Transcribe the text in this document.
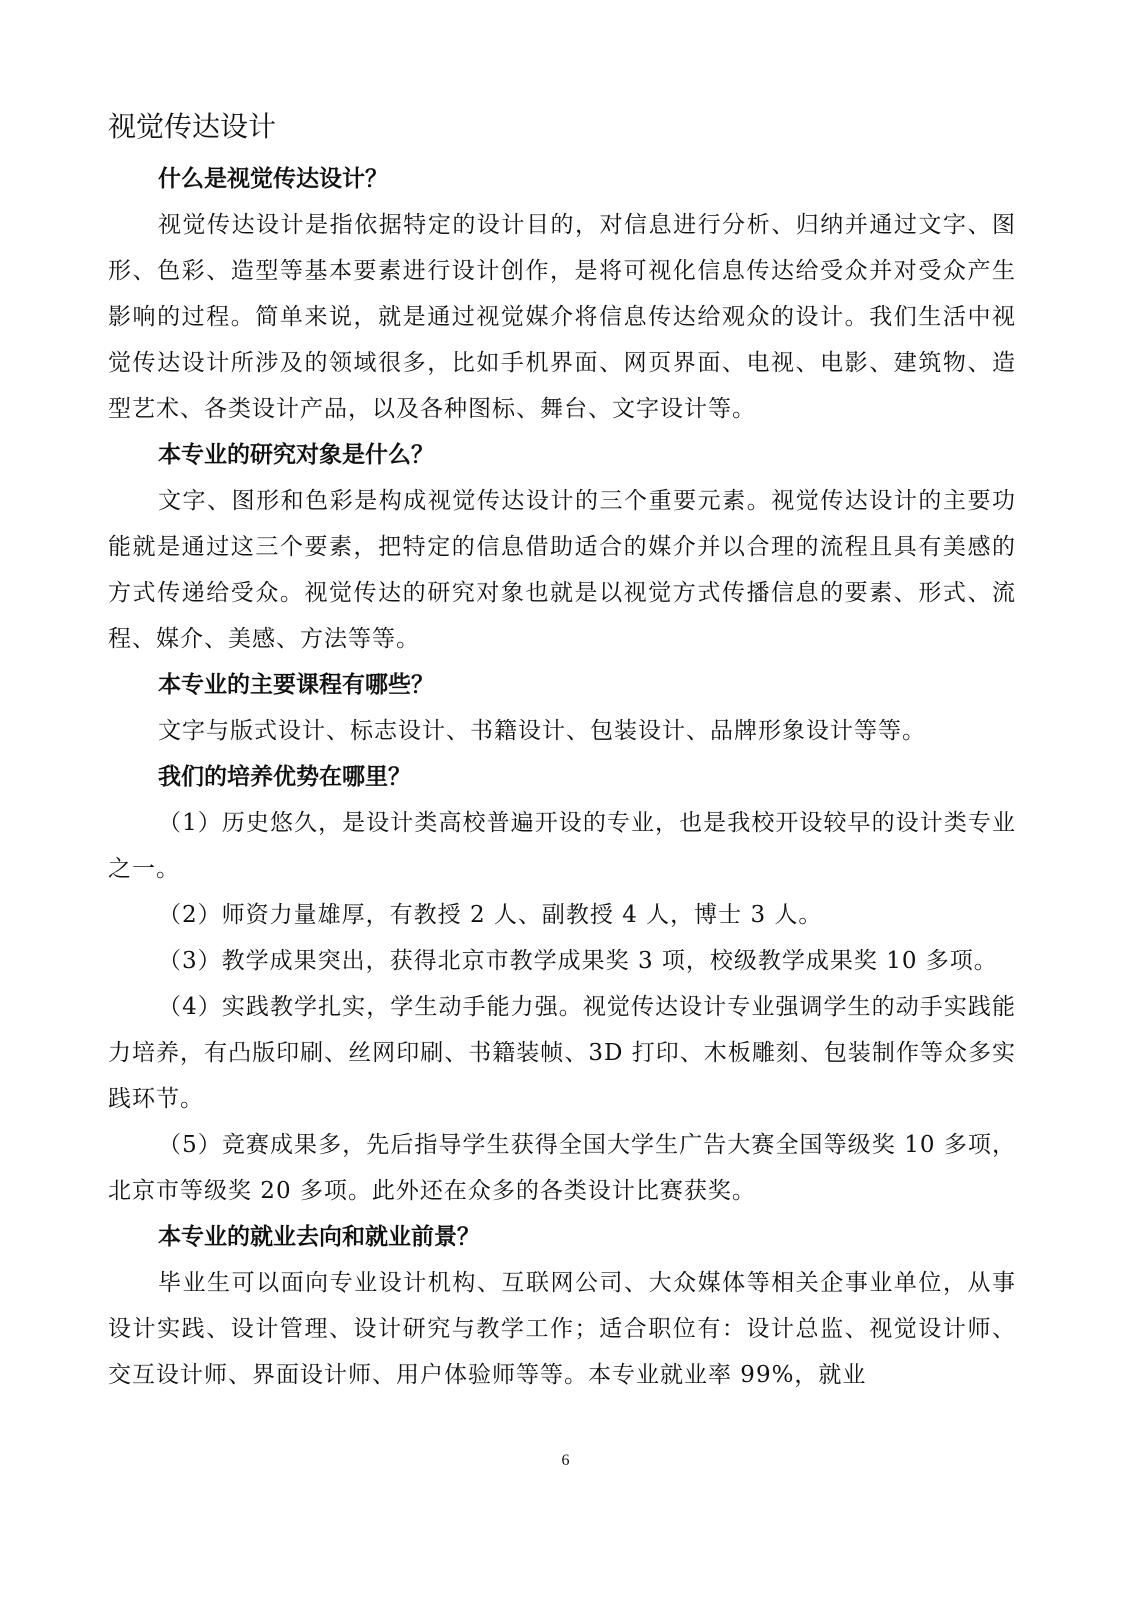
视觉传达设计

什么是视觉传达设计？

视觉传达设计是指依据特定的设计目的，对信息进行分析、归纳并通过文字、图形、色彩、造型等基本要素进行设计创作，是将可视化信息传达给受众并对受众产生影响的过程。简单来说，就是通过视觉媒介将信息传达给观众的设计。我们生活中视觉传达设计所涉及的领域很多，比如手机界面、网页界面、电视、电影、建筑物、造型艺术、各类设计产品，以及各种图标、舞台、文字设计等。

本专业的研究对象是什么？

文字、图形和色彩是构成视觉传达设计的三个重要元素。视觉传达设计的主要功能就是通过这三个要素，把特定的信息借助适合的媒介并以合理的流程且具有美感的方式传递给受众。视觉传达的研究对象也就是以视觉方式传播信息的要素、形式、流程、媒介、美感、方法等等。

本专业的主要课程有哪些？

文字与版式设计、标志设计、书籍设计、包装设计、品牌形象设计等等。

我们的培养优势在哪里？

（1）历史悠久，是设计类高校普遍开设的专业，也是我校开设较早的设计类专业之一。

（2）师资力量雄厚，有教授 2 人、副教授 4 人，博士 3 人。

（3）教学成果突出，获得北京市教学成果奖 3 项，校级教学成果奖 10 多项。

（4）实践教学扎实，学生动手能力强。视觉传达设计专业强调学生的动手实践能力培养，有凸版印刷、丝网印刷、书籍装帧、3D 打印、木板雕刻、包装制作等众多实践环节。

（5）竞赛成果多，先后指导学生获得全国大学生广告大赛全国等级奖 10 多项，北京市等级奖 20 多项。此外还在众多的各类设计比赛获奖。

本专业的就业去向和就业前景？

毕业生可以面向专业设计机构、互联网公司、大众媒体等相关企事业单位，从事设计实践、设计管理、设计研究与教学工作；适合职位有：设计总监、视觉设计师、交互设计师、界面设计师、用户体验师等等。本专业就业率 99%，就业

6
